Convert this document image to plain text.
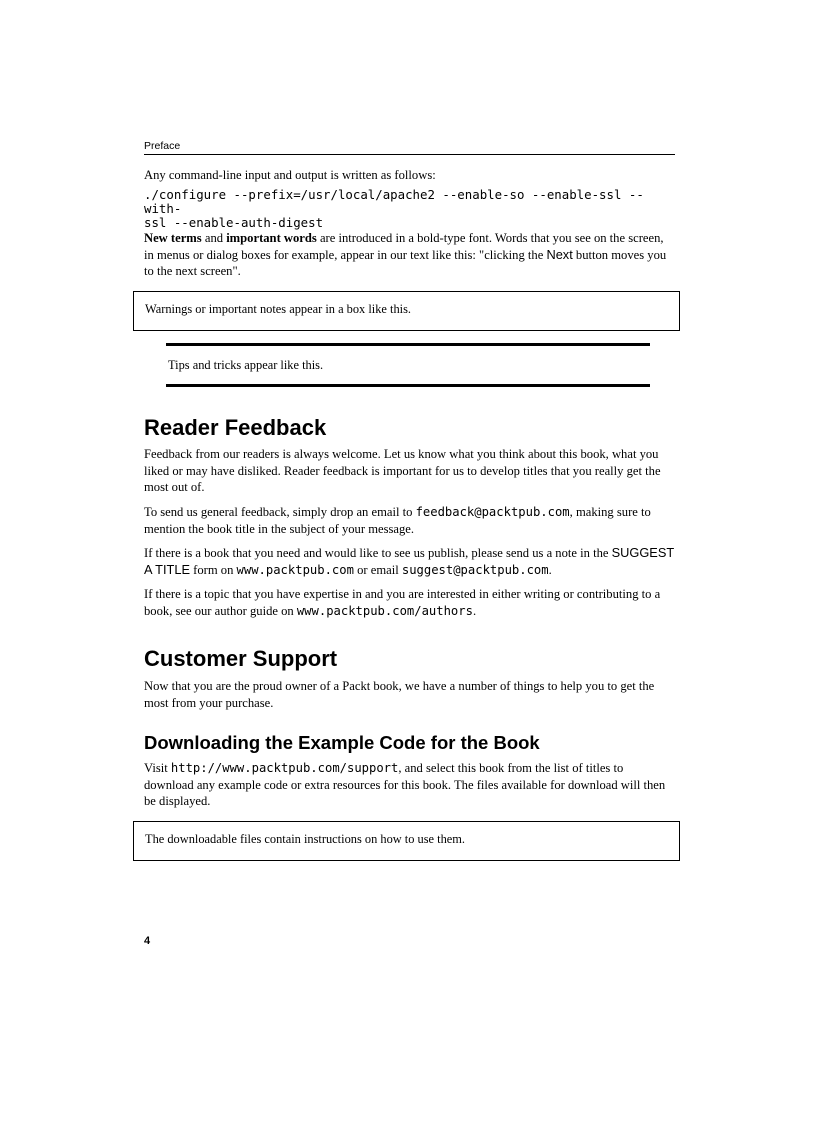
Preface
Any command-line input and output is written as follows:
./configure --prefix=/usr/local/apache2 --enable-so --enable-ssl --with-
ssl --enable-auth-digest
New terms and important words are introduced in a bold-type font. Words that you see on the screen, in menus or dialog boxes for example, appear in our text like this: "clicking the Next button moves you to the next screen".
Warnings or important notes appear in a box like this.
Tips and tricks appear like this.
Reader Feedback
Feedback from our readers is always welcome. Let us know what you think about this book, what you liked or may have disliked. Reader feedback is important for us to develop titles that you really get the most out of.
To send us general feedback, simply drop an email to feedback@packtpub.com, making sure to mention the book title in the subject of your message.
If there is a book that you need and would like to see us publish, please send us a note in the SUGGEST A TITLE form on www.packtpub.com or email suggest@packtpub.com.
If there is a topic that you have expertise in and you are interested in either writing or contributing to a book, see our author guide on www.packtpub.com/authors.
Customer Support
Now that you are the proud owner of a Packt book, we have a number of things to help you to get the most from your purchase.
Downloading the Example Code for the Book
Visit http://www.packtpub.com/support, and select this book from the list of titles to download any example code or extra resources for this book. The files available for download will then be displayed.
The downloadable files contain instructions on how to use them.
4
